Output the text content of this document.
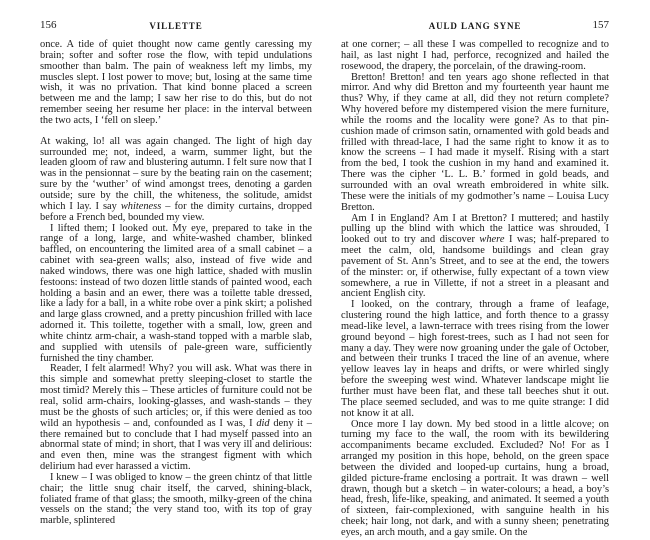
156	VILLETTE

once. A tide of quiet thought now came gently caressing my brain; softer and softer rose the flow, with tepid undulations smoother than balm. The pain of weakness left my limbs, my muscles slept. I lost power to move; but, losing at the same time wish, it was no privation. That kind bonne placed a screen between me and the lamp; I saw her rise to do this, but do not remember seeing her resume her place: in the interval between the two acts, I ‘fell on sleep.’

At waking, lo! all was again changed. The light of high day surrounded me; not, indeed, a warm, summer light, but the leaden gloom of raw and blustering autumn. I felt sure now that I was in the pensionnat – sure by the beating rain on the casement; sure by the ‘wuther’ of wind amongst trees, denoting a garden outside; sure by the chill, the whiteness, the solitude, amidst which I lay. I say whiteness – for the dimity curtains, dropped before a French bed, bounded my view.

I lifted them; I looked out. My eye, prepared to take in the range of a long, large, and white-washed chamber, blinked baffled, on encountering the limited area of a small cabinet – a cabinet with sea-green walls; also, instead of five wide and naked windows, there was one high lattice, shaded with muslin festoons: instead of two dozen little stands of painted wood, each holding a basin and an ewer, there was a toilette table dressed, like a lady for a ball, in a white robe over a pink skirt; a polished and large glass crowned, and a pretty pincushion frilled with lace adorned it. This toilette, together with a small, low, green and white chintz arm-chair, a wash-stand topped with a marble slab, and supplied with utensils of pale-green ware, sufficiently furnished the tiny chamber.

Reader, I felt alarmed! Why? you will ask. What was there in this simple and somewhat pretty sleeping-closet to startle the most timid? Merely this – These articles of furniture could not be real, solid arm-chairs, looking-glasses, and wash-stands – they must be the ghosts of such articles; or, if this were denied as too wild an hypothesis – and, confounded as I was, I did deny it – there remained but to conclude that I had myself passed into an abnormal state of mind; in short, that I was very ill and delirious: and even then, mine was the strangest figment with which delirium had ever harassed a victim.

I knew – I was obliged to know – the green chintz of that little chair; the little snug chair itself, the carved, shining-black, foliated frame of that glass; the smooth, milky-green of the china vessels on the stand; the very stand too, with its top of gray marble, splintered

AULD LANG SYNE	157

at one corner; – all these I was compelled to recognize and to hail, as last night I had, perforce, recognized and hailed the rosewood, the drapery, the porcelain, of the drawing-room.

Bretton! Bretton! and ten years ago shone reflected in that mirror. And why did Bretton and my fourteenth year haunt me thus? Why, if they came at all, did they not return complete? Why hovered before my distempered vision the mere furniture, while the rooms and the locality were gone? As to that pin-cushion made of crimson satin, ornamented with gold beads and frilled with thread-lace, I had the same right to know it as to know the screens – I had made it myself. Rising with a start from the bed, I took the cushion in my hand and examined it. There was the cipher ‘L. L. B.’ formed in gold beads, and surrounded with an oval wreath embroidered in white silk. These were the initials of my godmother’s name – Louisa Lucy Bretton.

Am I in England? Am I at Bretton? I muttered; and hastily pulling up the blind with which the lattice was shrouded, I looked out to try and discover where I was; half-prepared to meet the calm, old, handsome buildings and clean gray pavement of St. Ann’s Street, and to see at the end, the towers of the minster: or, if otherwise, fully expectant of a town view somewhere, a rue in Villette, if not a street in a pleasant and ancient English city.

I looked, on the contrary, through a frame of leafage, clustering round the high lattice, and forth thence to a grassy mead-like level, a lawn-terrace with trees rising from the lower ground beyond – high forest-trees, such as I had not seen for many a day. They were now groaning under the gale of October, and between their trunks I traced the line of an avenue, where yellow leaves lay in heaps and drifts, or were whirled singly before the sweeping west wind. Whatever landscape might lie further must have been flat, and these tall beeches shut it out. The place seemed secluded, and was to me quite strange: I did not know it at all.

Once more I lay down. My bed stood in a little alcove; on turning my face to the wall, the room with its bewildering accompaniments became excluded. Excluded? No! For as I arranged my position in this hope, behold, on the green space between the divided and looped-up curtains, hung a broad, gilded picture-frame enclosing a portrait. It was drawn – well drawn, though but a sketch – in water-colours; a head, a boy’s head, fresh, life-like, speaking, and animated. It seemed a youth of sixteen, fair-complexioned, with sanguine health in his cheek; hair long, not dark, and with a sunny sheen; penetrating eyes, an arch mouth, and a gay smile. On the
